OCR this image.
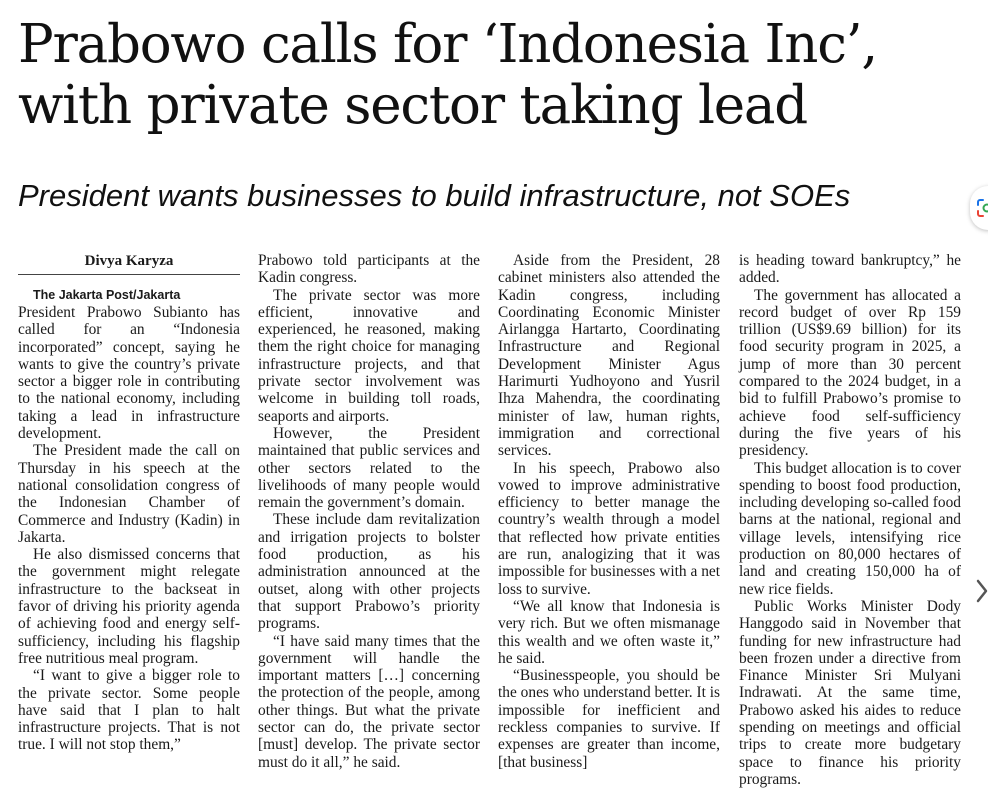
Prabowo calls for ‘Indonesia Inc’,
with private sector taking lead
President wants businesses to build infrastructure, not SOEs
Divya Karyza

The Jakarta Post/Jakarta

President Prabowo Subianto has called for an “Indonesia incorporated” concept, saying he wants to give the country’s private sector a bigger role in contributing to the national economy, including taking a lead in infrastructure development.

The President made the call on Thursday in his speech at the national consolidation congress of the Indonesian Chamber of Commerce and Industry (Kadin) in Jakarta.

He also dismissed concerns that the government might relegate infrastructure to the backseat in favor of driving his priority agenda of achieving food and energy self-sufficiency, including his flagship free nutritious meal program.

“I want to give a bigger role to the private sector. Some people have said that I plan to halt infrastructure projects. That is not true. I will not stop them,”

Prabowo told participants at the Kadin congress.

The private sector was more efficient, innovative and experienced, he reasoned, making them the right choice for managing infrastructure projects, and that private sector involvement was welcome in building toll roads, seaports and airports.

However, the President maintained that public services and other sectors related to the livelihoods of many people would remain the government’s domain.

These include dam revitalization and irrigation projects to bolster food production, as his administration announced at the outset, along with other projects that support Prabowo’s priority programs.

“I have said many times that the government will handle the important matters […] concerning the protection of the people, among other things. But what the private sector can do, the private sector [must] develop. The private sector must do it all,” he said.

Aside from the President, 28 cabinet ministers also attended the Kadin congress, including Coordinating Economic Minister Airlangga Hartarto, Coordinating Infrastructure and Regional Development Minister Agus Harimurti Yudhoyono and Yusril Ihza Mahendra, the coordinating minister of law, human rights, immigration and correctional services.

In his speech, Prabowo also vowed to improve administrative efficiency to better manage the country’s wealth through a model that reflected how private entities are run, analogizing that it was impossible for businesses with a net loss to survive.

“We all know that Indonesia is very rich. But we often mismanage this wealth and we often waste it,” he said.

“Businesspeople, you should be the ones who understand better. It is impossible for inefficient and reckless companies to survive. If expenses are greater than income, [that business]

is heading toward bankruptcy,” he added.

The government has allocated a record budget of over Rp 159 trillion (US$9.69 billion) for its food security program in 2025, a jump of more than 30 percent compared to the 2024 budget, in a bid to fulfill Prabowo’s promise to achieve food self-sufficiency during the five years of his presidency.

This budget allocation is to cover spending to boost food production, including developing so-called food barns at the national, regional and village levels, intensifying rice production on 80,000 hectares of land and creating 150,000 ha of new rice fields.

Public Works Minister Dody Hanggodo said in November that funding for new infrastructure had been frozen under a directive from Finance Minister Sri Mulyani Indrawati. At the same time, Prabowo asked his aides to reduce spending on meetings and official trips to create more budgetary space to finance his priority programs.
